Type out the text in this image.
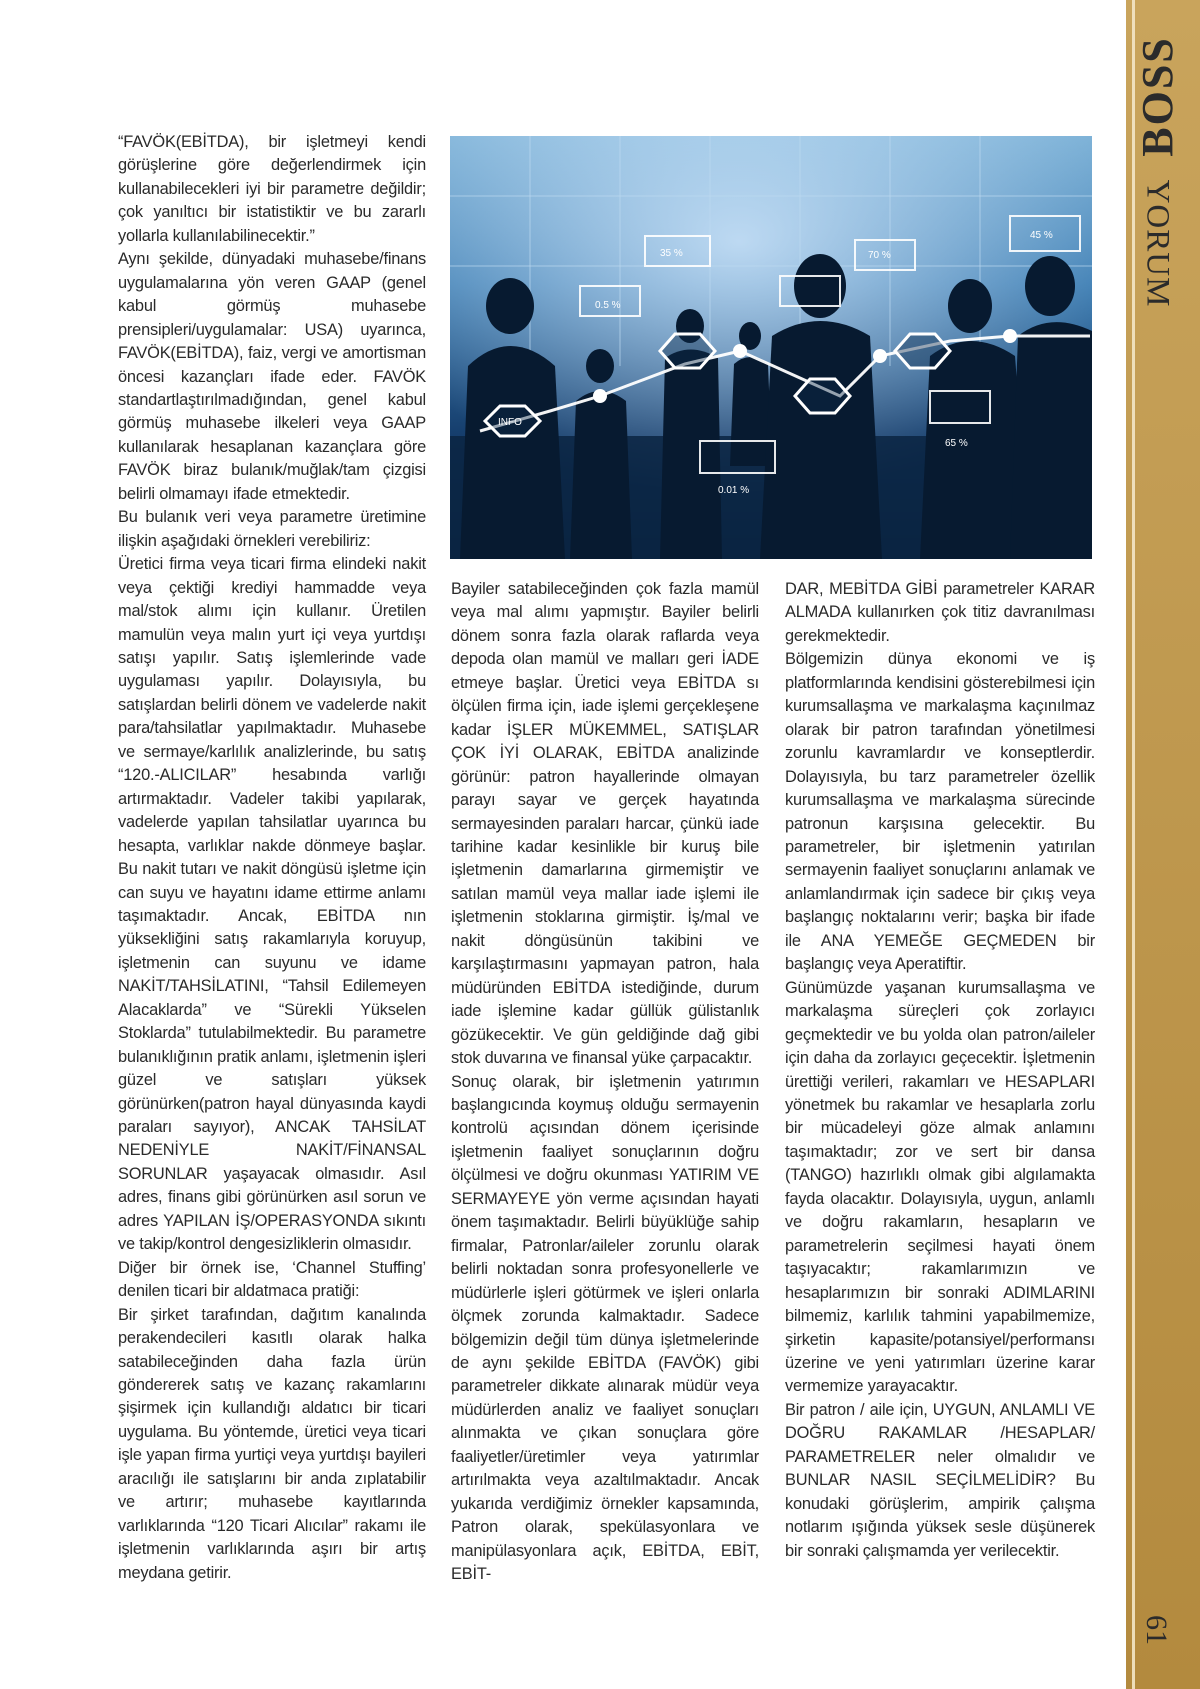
BOSS
YORUM
61

“FAVÖK(EBİTDA), bir işletmeyi kendi görüşlerine göre değerlendirmek için kullanabilecekleri iyi bir parametre değildir; çok yanıltıcı bir istatistiktir ve bu zararlı yollarla kullanılabilinecektir.”

Aynı şekilde, dünyadaki muhasebe/finans uygulamalarına yön veren GAAP (genel kabul görmüş muhasebe prensipleri/uygulamalar: USA) uyarınca, FAVÖK(EBİTDA), faiz, vergi ve amortisman öncesi kazançları ifade eder. FAVÖK standartlaştırılmadığından, genel kabul görmüş muhasebe ilkeleri veya GAAP kullanılarak hesaplanan kazançlara göre FAVÖK biraz bulanık/muğlak/tam çizgisi belirli olmamayı ifade etmektedir.

Bu bulanık veri veya parametre üretimine ilişkin aşağıdaki örnekleri verebiliriz:

Üretici firma veya ticari firma elindeki nakit veya çektiği krediyi hammadde veya mal/stok alımı için kullanır. Üretilen mamulün veya malın yurt içi veya yurtdışı satışı yapılır. Satış işlemlerinde vade uygulaması yapılır. Dolayısıyla, bu satışlardan belirli dönem ve vadelerde nakit para/tahsilatlar yapılmaktadır. Muhasebe ve sermaye/karlılık analizlerinde, bu satış “120.-ALICILAR” hesabında varlığı artırmaktadır. Vadeler takibi yapılarak, vadelerde yapılan tahsilatlar uyarınca bu hesapta, varlıklar nakde dönmeye başlar. Bu nakit tutarı ve nakit döngüsü işletme için can suyu ve hayatını idame ettirme anlamı taşımaktadır. Ancak, EBİTDA nın yüksekliğini satış rakamlarıyla koruyup, işletmenin can suyunu ve idame NAKİT/TAHSİLATINI, “Tahsil Edilemeyen Alacaklarda” ve “Sürekli Yükselen Stoklarda” tutulabilmektedir. Bu parametre bulanıklığının pratik anlamı, işletmenin işleri güzel ve satışları yüksek görünürken(patron hayal dünyasında kaydi paraları sayıyor), ANCAK TAHSİLAT NEDENİYLE NAKİT/FİNANSAL SORUNLAR yaşayacak olmasıdır. Asıl adres, finans gibi görünürken asıl sorun ve adres YAPILAN İŞ/OPERASYONDA sıkıntı ve takip/kontrol dengesizliklerin olmasıdır.

Diğer bir örnek ise, ‘Channel Stuffing’ denilen ticari bir aldatmaca pratiği:

Bir şirket tarafından, dağıtım kanalında perakendecileri kasıtlı olarak halka satabileceğinden daha fazla ürün göndererek satış ve kazanç rakamlarını şişirmek için kullandığı aldatıcı bir ticari uygulama. Bu yöntemde, üretici veya ticari işle yapan firma yurtiçi veya yurtdışı bayileri aracılığı ile satışlarını bir anda zıplatabilir ve artırır; muhasebe kayıtlarında varlıklarında “120 Ticari Alıcılar” rakamı ile işletmenin varlıklarında aşırı bir artış meydana getirir.

35 %	70 %
45 %
0.5 %
INFO
65 %
0.01 %

Bayiler satabileceğinden çok fazla mamül veya mal alımı yapmıştır. Bayiler belirli dönem sonra fazla olarak raflarda veya depoda olan mamül ve malları geri İADE etmeye başlar. Üretici veya EBİTDA sı ölçülen firma için, iade işlemi gerçekleşene kadar İŞLER MÜKEMMEL, SATIŞLAR ÇOK İYİ OLARAK, EBİTDA analizinde görünür: patron hayallerinde olmayan parayı sayar ve gerçek hayatında sermayesinden paraları harcar, çünkü iade tarihine kadar kesinlikle bir kuruş bile işletmenin damarlarına girmemiştir ve satılan mamül veya mallar iade işlemi ile işletmenin stoklarına girmiştir. İş/mal ve nakit döngüsünün takibini ve karşılaştırmasını yapmayan patron, hala müdüründen EBİTDA istediğinde, durum iade işlemine kadar güllük gülistanlık gözükecektir. Ve gün geldiğinde dağ gibi stok duvarına ve finansal yüke çarpacaktır.

Sonuç olarak, bir işletmenin yatırımın başlangıcında koymuş olduğu sermayenin kontrolü açısından dönem içerisinde işletmenin faaliyet sonuçlarının doğru ölçülmesi ve doğru okunması YATIRIM VE SERMAYEYE yön verme açısından hayati önem taşımaktadır. Belirli büyüklüğe sahip firmalar, Patronlar/aileler zorunlu olarak belirli noktadan sonra profesyonellerle ve müdürlerle işleri götürmek ve işleri onlarla ölçmek zorunda kalmaktadır. Sadece bölgemizin değil tüm dünya işletmelerinde de aynı şekilde EBİTDA (FAVÖK) gibi parametreler dikkate alınarak müdür veya müdürlerden analiz ve faaliyet sonuçları alınmakta ve çıkan sonuçlara göre faaliyetler/üretimler veya yatırımlar artırılmakta veya azaltılmaktadır. Ancak yukarıda verdiğimiz örnekler kapsamında, Patron olarak, spekülasyonlara ve manipülasyonlara açık, EBİTDA, EBİT, EBİT-

DAR, MEBİTDA GİBİ parametreler KARAR ALMADA kullanırken çok titiz davranılması gerekmektedir.

Bölgemizin dünya ekonomi ve iş platformlarında kendisini gösterebilmesi için kurumsallaşma ve markalaşma kaçınılmaz olarak bir patron tarafından yönetilmesi zorunlu kavramlardır ve konseptlerdir. Dolayısıyla, bu tarz parametreler özellik kurumsallaşma ve markalaşma sürecinde patronun karşısına gelecektir. Bu parametreler, bir işletmenin yatırılan sermayenin faaliyet sonuçlarını anlamak ve anlamlandırmak için sadece bir çıkış veya başlangıç noktalarını verir; başka bir ifade ile ANA YEMEĞE GEÇMEDEN bir başlangıç veya Aperatiftir.

Günümüzde yaşanan kurumsallaşma ve markalaşma süreçleri çok zorlayıcı geçmektedir ve bu yolda olan patron/aileler için daha da zorlayıcı geçecektir. İşletmenin ürettiği verileri, rakamları ve HESAPLARI yönetmek bu rakamlar ve hesaplarla zorlu bir mücadeleyi göze almak anlamını taşımaktadır; zor ve sert bir dansa (TANGO) hazırlıklı olmak gibi algılamakta fayda olacaktır. Dolayısıyla, uygun, anlamlı ve doğru rakamların, hesapların ve parametrelerin seçilmesi hayati önem taşıyacaktır; rakamlarımızın ve hesaplarımızın bir sonraki ADIMLARINI bilmemiz, karlılık tahmini yapabilmemize, şirketin kapasite/potansiyel/performansı üzerine ve yeni yatırımları üzerine karar vermemize yarayacaktır.

Bir patron / aile için, UYGUN, ANLAMLI VE DOĞRU RAKAMLAR /HESAPLAR/ PARAMETRELER neler olmalıdır ve BUNLAR NASIL SEÇİLMELİDİR? Bu konudaki görüşlerim, ampirik çalışma notlarım ışığında yüksek sesle düşünerek bir sonraki çalışmamda yer verilecektir.
